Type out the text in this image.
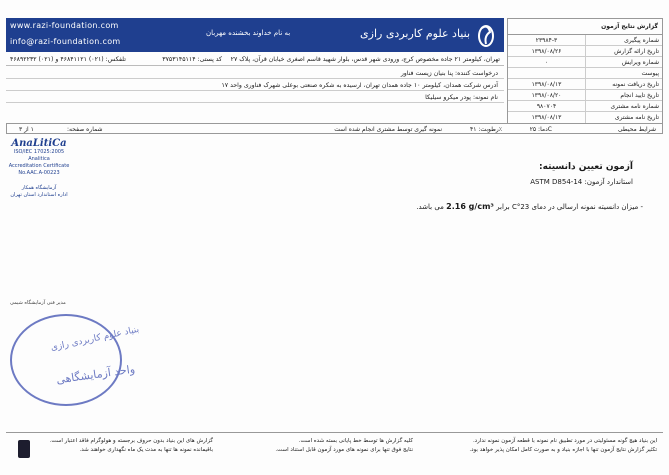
www.razi-foundation.com
info@razi-foundation.com
به نام خداوند بخشنده مهربان	بنیاد علوم کاربردی رازی
تهران، کیلومتر ۲۱ جاده مخصوص کرج، ورودی شهر قدس، بلوار شهید قاسم اصغری خیابان قرآن، پلاک ۲۷
کد پستی: ۳۷۵۳۱۴۵۱۱۴
تلفکس: (۰۲۱) ۴۶۸۴۱۱۲۱ و (۰۲۱) ۴۶۸۹۲۲۳۲
گزارش نتایج آزمون
شماره پیگیری
۲۳۹۸۴-۳
تاریخ ارائه گزارش
۱۳۹۸/۰۸/۲۶
شماره ویرایش
۰
پیوست
تاریخ دریافت نمونه
۱۳۹۸/۰۸/۱۳
تاریخ تایید انجام
۱۳۹۸/۰۸/۲۰
شماره نامه مشتری
۹۸۰۷۰۴
تاریخ نامه مشتری
۱۳۹۸/۰۸/۱۳
درخواست کننده: پنا بنیان زیست فناور
آدرس شرکت همدان، کیلومتر ۱۰ جاده همدان تهران، ارسیده به شکره صنعتی بوعلی شهرک فناوری واحد ۱۷
نام نمونه: پودر میکرو سیلیکا
شرایط محیطی
دما: ۲۵C
رطوبت: ۴۱٪
نمونه گیری توسط مشتری انجام شده است
شماره صفحه:
۱ از ۳
AnaLitiCa

ISO/IEC 17025:2005

Analitica

Accreditation Certificate

No.AAC.A-00223

آزمایشگاه همکار

اداره استاندارد استان تهران

مدیر فنی آزمایشگاه شیمی
بنیاد علوم کاربردی رازی
واحد آزمایشگاهی
آزمون تعیین دانسیته:
استاندارد آزمون: ASTM D854-14
- میزان دانسیته نمونه ارسالی در دمای 23°C برابر 2.16 g/cm³ می باشد.
این بنیاد هیچ گونه مسئولیتی در مورد تطبیق نام نمونه با قطعه آزمون نمونه ندارد.
تکثیر گزارش نتایج آزمون تنها با اجازه بنیاد و به صورت کامل امکان پذیر خواهد بود.
کلیه گزارش ها توسط خط پایانی بسته شده است.
نتایج فوق تنها برای نمونه های مورد آزمون قابل استناد است.
گزارش های این بنیاد بدون حروف برجسته و هولوگرام فاقد اعتبار است.
باقیمانده نمونه ها تنها به مدت یک ماه نگهداری خواهند شد.
